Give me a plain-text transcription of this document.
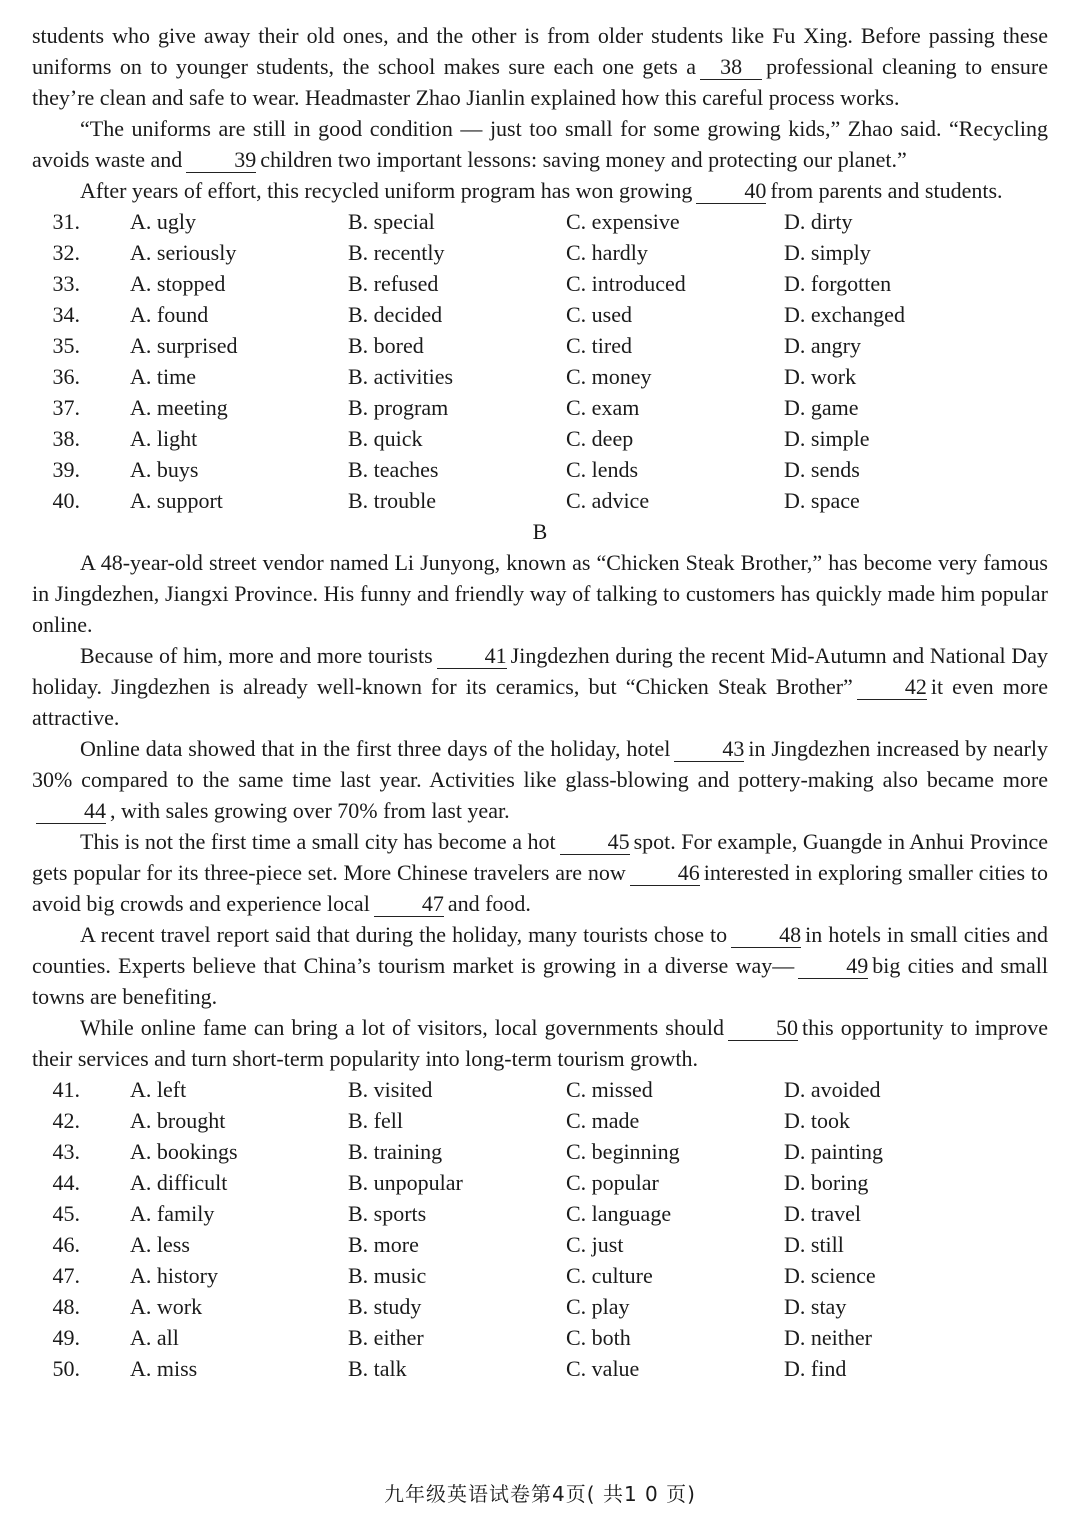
students who give away their old ones, and the other is from older students like Fu Xing. Before passing these uniforms on to younger students, the school makes sure each one gets a 38 professional cleaning to ensure they’re clean and safe to wear. Headmaster Zhao Jianlin explained how this careful process works.

“The uniforms are still in good condition — just too small for some growing kids,” Zhao said. “Recycling avoids waste and 39 children two important lessons: saving money and protecting our planet.”

After years of effort, this recycled uniform program has won growing 40 from parents and students.

31.	A. ugly	B. special	C. expensive	D. dirty
32.	A. seriously	B. recently	C. hardly	D. simply
33.	A. stopped	B. refused	C. introduced	D. forgotten
34.	A. found	B. decided	C. used	D. exchanged
35.	A. surprised	B. bored	C. tired	D. angry
36.	A. time	B. activities	C. money	D. work
37.	A. meeting	B. program	C. exam	D. game
38.	A. light	B. quick	C. deep	D. simple
39.	A. buys	B. teaches	C. lends	D. sends
40.	A. support	B. trouble	C. advice	D. space
B

A 48-year-old street vendor named Li Junyong, known as “Chicken Steak Brother,” has become very famous in Jingdezhen, Jiangxi Province. His funny and friendly way of talking to customers has quickly made him popular online.

Because of him, more and more tourists 41 Jingdezhen during the recent Mid-Autumn and National Day holiday. Jingdezhen is already well-known for its ceramics, but “Chicken Steak Brother” 42 it even more attractive.

Online data showed that in the first three days of the holiday, hotel 43 in Jingdezhen increased by nearly 30% compared to the same time last year. Activities like glass-blowing and pottery-making also became more44 , with sales growing over 70% from last year.

This is not the first time a small city has become a hot 45 spot. For example, Guangde in Anhui Province gets popular for its three-piece set. More Chinese travelers are now 46 interested in exploring smaller cities to avoid big crowds and experience local 47 and food.

A recent travel report said that during the holiday, many tourists chose to 48 in hotels in small cities and counties. Experts believe that China’s tourism market is growing in a diverse way— 49 big cities and small towns are benefiting.

While online fame can bring a lot of visitors, local governments should 50 this opportunity to improve their services and turn short-term popularity into long-term tourism growth.

41.	A. left	B. visited	C. missed	D. avoided
42.	A. brought	B. fell	C. made	D. took
43.	A. bookings	B. training	C. beginning	D. painting
44.	A. difficult	B. unpopular	C. popular	D. boring
45.	A. family	B. sports	C. language	D. travel
46.	A. less	B. more	C. just	D. still
47.	A. history	B. music	C. culture	D. science
48.	A. work	B. study	C. play	D. stay
49.	A. all	B. either	C. both	D. neither
50.	A. miss	B. talk	C. value	D. find
九年级英语试卷第4页( 共1 0 页)
